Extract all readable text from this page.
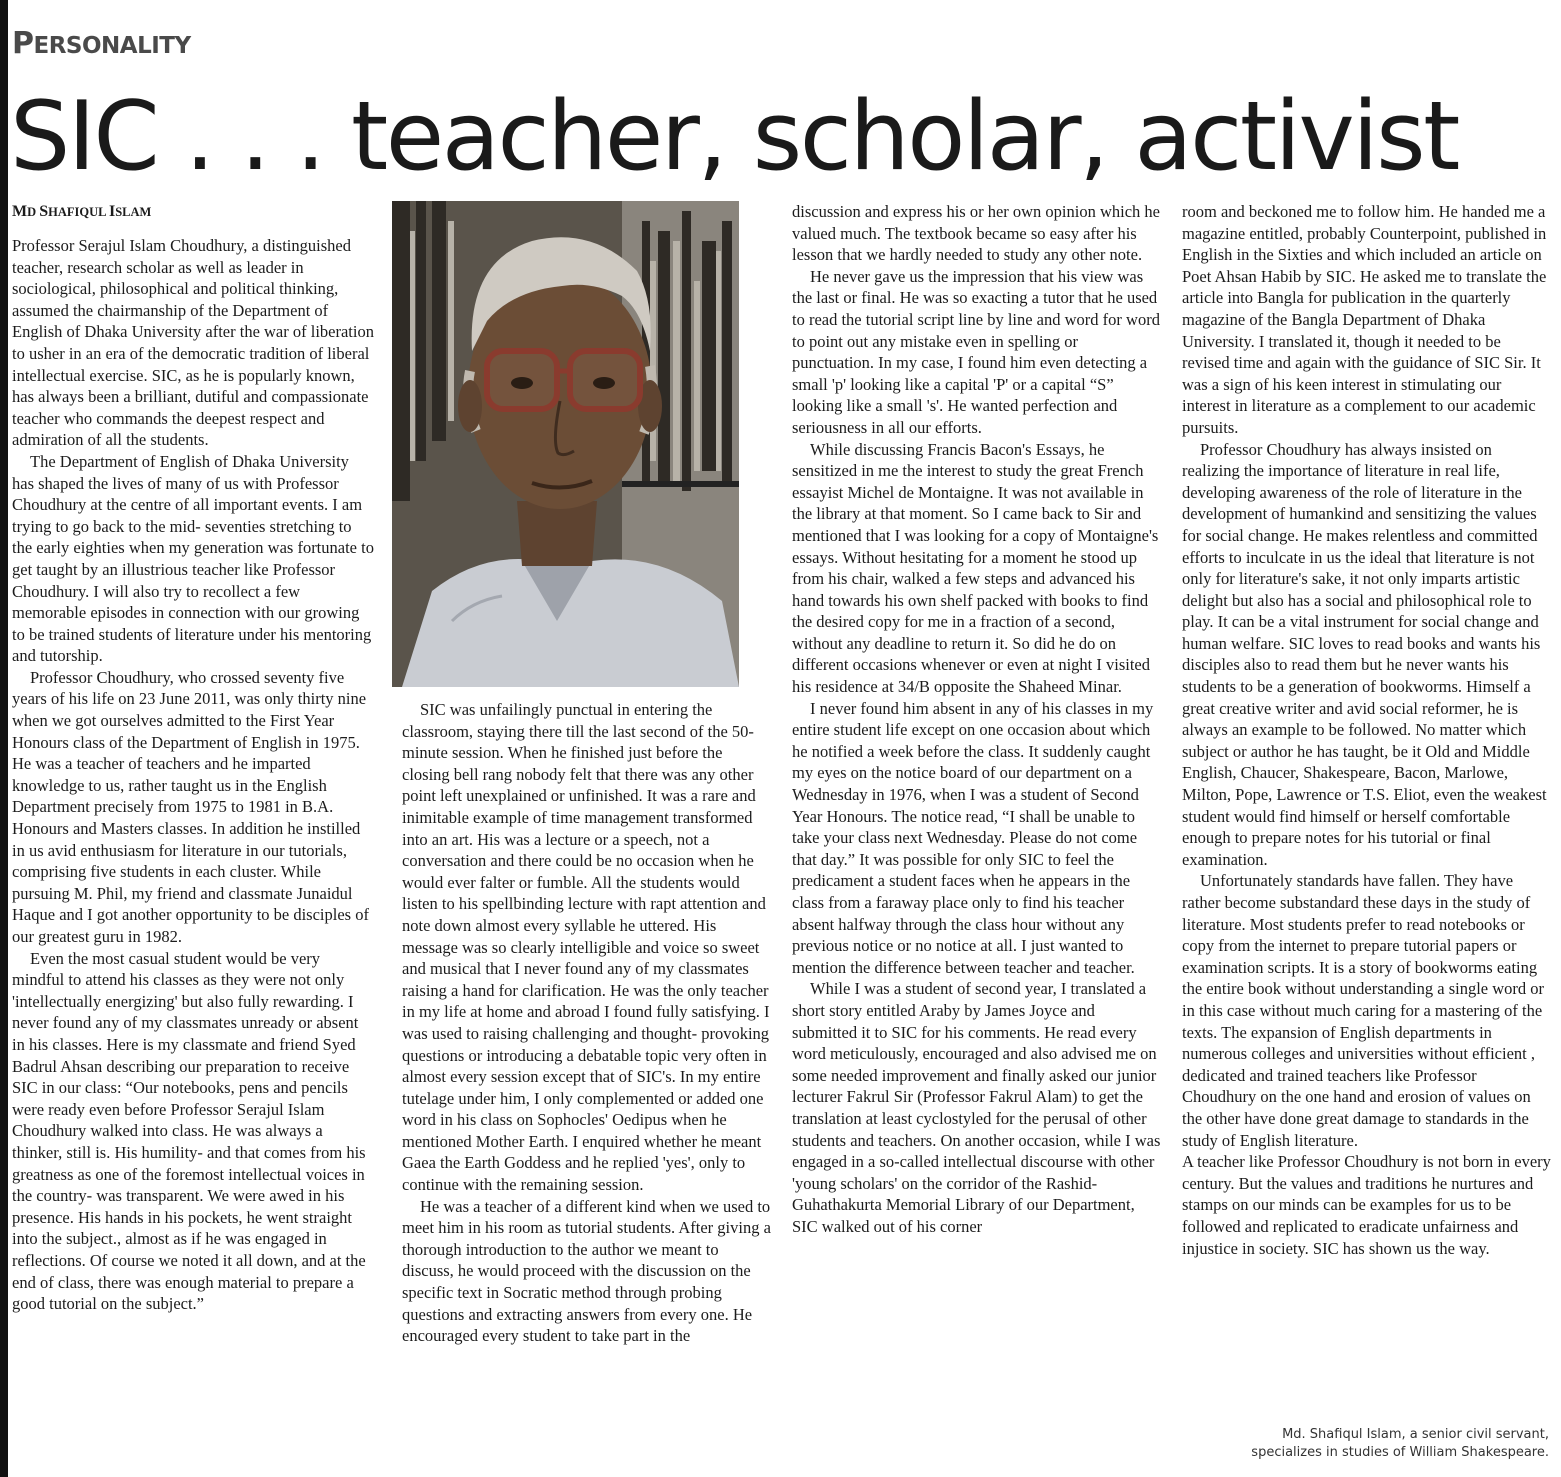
PERSONALITY
SIC . . . teacher, scholar, activist
MD SHAFIQUL ISLAM

Professor Serajul Islam Choudhury, a distinguished teacher, research scholar as well as leader in sociological, philosophical and political thinking, assumed the chairmanship of the Department of English of Dhaka University after the war of liberation to usher in an era of the democratic tradition of liberal intellectual exercise. SIC, as he is popularly known, has always been a brilliant, dutiful and compassionate teacher who commands the deepest respect and admiration of all the students.

The Department of English of Dhaka University has shaped the lives of many of us with Professor Choudhury at the centre of all important events. I am trying to go back to the mid- seventies stretching to the early eighties when my generation was fortunate to get taught by an illustrious teacher like Professor Choudhury. I will also try to recollect a few memorable episodes in connection with our growing to be trained students of literature under his mentoring and tutorship.

Professor Choudhury, who crossed seventy five years of his life on 23 June 2011, was only thirty nine when we got ourselves admitted to the First Year Honours class of the Department of English in 1975. He was a teacher of teachers and he imparted knowledge to us, rather taught us in the English Department precisely from 1975 to 1981 in B.A. Honours and Masters classes. In addition he instilled in us avid enthusiasm for literature in our tutorials, comprising five students in each cluster. While pursuing M. Phil, my friend and classmate Junaidul Haque and I got another opportunity to be disciples of our greatest guru in 1982.

Even the most casual student would be very mindful to attend his classes as they were not only 'intellectually energizing' but also fully rewarding. I never found any of my classmates unready or absent in his classes. Here is my classmate and friend Syed Badrul Ahsan describing our preparation to receive SIC in our class: “Our notebooks, pens and pencils were ready even before Professor Serajul Islam Choudhury walked into class. He was always a thinker, still is. His humility- and that comes from his greatness as one of the foremost intellectual voices in the country- was transparent. We were awed in his presence. His hands in his pockets, he went straight into the subject., almost as if he was engaged in reflections. Of course we noted it all down, and at the end of class, there was enough material to prepare a good tutorial on the subject.”

SIC was unfailingly punctual in entering the classroom, staying there till the last second of the 50-minute session. When he finished just before the closing bell rang nobody felt that there was any other point left unexplained or unfinished. It was a rare and inimitable example of time management transformed into an art. His was a lecture or a speech, not a conversation and there could be no occasion when he would ever falter or fumble. All the students would listen to his spellbinding lecture with rapt attention and note down almost every syllable he uttered. His message was so clearly intelligible and voice so sweet and musical that I never found any of my classmates raising a hand for clarification. He was the only teacher in my life at home and abroad I found fully satisfying. I was used to raising challenging and thought- provoking questions or introducing a debatable topic very often in almost every session except that of SIC's. In my entire tutelage under him, I only complemented or added one word in his class on Sophocles' Oedipus when he mentioned Mother Earth. I enquired whether he meant Gaea the Earth Goddess and he replied 'yes', only to continue with the remaining session.

He was a teacher of a different kind when we used to meet him in his room as tutorial students. After giving a thorough introduction to the author we meant to discuss, he would proceed with the discussion on the specific text in Socratic method through probing questions and extracting answers from every one. He encouraged every student to take part in the

discussion and express his or her own opinion which he valued much. The textbook became so easy after his lesson that we hardly needed to study any other note.

He never gave us the impression that his view was the last or final. He was so exacting a tutor that he used to read the tutorial script line by line and word for word to point out any mistake even in spelling or punctuation. In my case, I found him even detecting a small 'p' looking like a capital 'P' or a capital “S” looking like a small 's'. He wanted perfection and seriousness in all our efforts.

While discussing Francis Bacon's Essays, he sensitized in me the interest to study the great French essayist Michel de Montaigne. It was not available in the library at that moment. So I came back to Sir and mentioned that I was looking for a copy of Montaigne's essays. Without hesitating for a moment he stood up from his chair, walked a few steps and advanced his hand towards his own shelf packed with books to find the desired copy for me in a fraction of a second, without any deadline to return it. So did he do on different occasions whenever or even at night I visited his residence at 34/B opposite the Shaheed Minar.

I never found him absent in any of his classes in my entire student life except on one occasion about which he notified a week before the class. It suddenly caught my eyes on the notice board of our department on a Wednesday in 1976, when I was a student of Second Year Honours. The notice read, “I shall be unable to take your class next Wednesday. Please do not come that day.” It was possible for only SIC to feel the predicament a student faces when he appears in the class from a faraway place only to find his teacher absent halfway through the class hour without any previous notice or no notice at all. I just wanted to mention the difference between teacher and teacher.

While I was a student of second year, I translated a short story entitled Araby by James Joyce and submitted it to SIC for his comments. He read every word meticulously, encouraged and also advised me on some needed improvement and finally asked our junior lecturer Fakrul Sir (Professor Fakrul Alam) to get the translation at least cyclostyled for the perusal of other students and teachers. On another occasion, while I was engaged in a so-called intellectual discourse with other 'young scholars' on the corridor of the Rashid-Guhathakurta Memorial Library of our Department, SIC walked out of his corner

room and beckoned me to follow him. He handed me a magazine entitled, probably Counterpoint, published in English in the Sixties and which included an article on Poet Ahsan Habib by SIC. He asked me to translate the article into Bangla for publication in the quarterly magazine of the Bangla Department of Dhaka University. I translated it, though it needed to be revised time and again with the guidance of SIC Sir. It was a sign of his keen interest in stimulating our interest in literature as a complement to our academic pursuits.

Professor Choudhury has always insisted on realizing the importance of literature in real life, developing awareness of the role of literature in the development of humankind and sensitizing the values for social change. He makes relentless and committed efforts to inculcate in us the ideal that literature is not only for literature's sake, it not only imparts artistic delight but also has a social and philosophical role to play. It can be a vital instrument for social change and human welfare. SIC loves to read books and wants his disciples also to read them but he never wants his students to be a generation of bookworms. Himself a great creative writer and avid social reformer, he is always an example to be followed. No matter which subject or author he has taught, be it Old and Middle English, Chaucer, Shakespeare, Bacon, Marlowe, Milton, Pope, Lawrence or T.S. Eliot, even the weakest student would find himself or herself comfortable enough to prepare notes for his tutorial or final examination.

Unfortunately standards have fallen. They have rather become substandard these days in the study of literature. Most students prefer to read notebooks or copy from the internet to prepare tutorial papers or examination scripts. It is a story of bookworms eating the entire book without understanding a single word or in this case without much caring for a mastering of the texts. The expansion of English departments in numerous colleges and universities without efficient , dedicated and trained teachers like Professor Choudhury on the one hand and erosion of values on the other have done great damage to standards in the study of English literature.

A teacher like Professor Choudhury is not born in every century. But the values and traditions he nurtures and stamps on our minds can be examples for us to be followed and replicated to eradicate unfairness and injustice in society. SIC has shown us the way.

Md. Shafiqul Islam, a senior civil servant,
specializes in studies of William Shakespeare.
